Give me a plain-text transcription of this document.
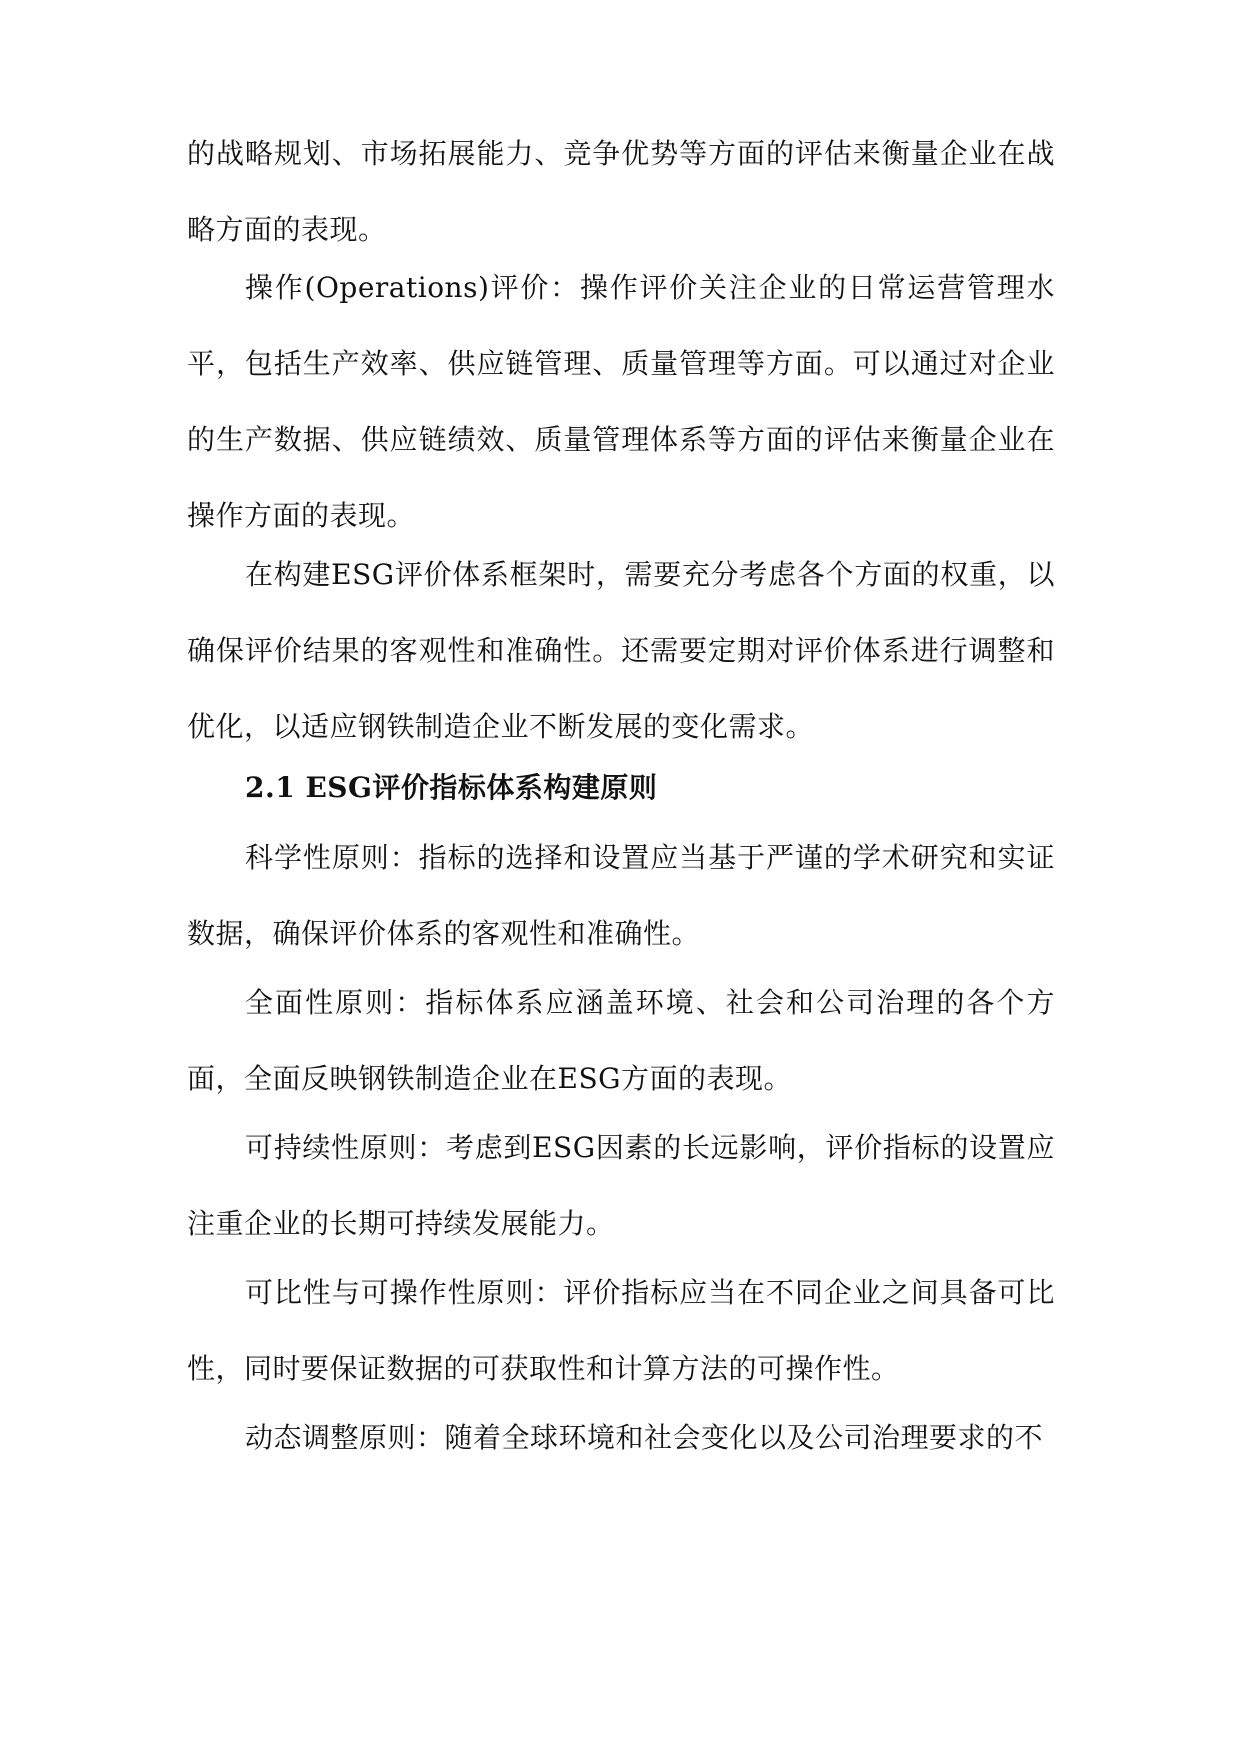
的战略规划、市场拓展能力、竞争优势等方面的评估来衡量企业在战略方面的表现。

操作(Operations)评价：操作评价关注企业的日常运营管理水平，包括生产效率、供应链管理、质量管理等方面。可以通过对企业的生产数据、供应链绩效、质量管理体系等方面的评估来衡量企业在操作方面的表现。

在构建ESG评价体系框架时，需要充分考虑各个方面的权重，以确保评价结果的客观性和准确性。还需要定期对评价体系进行调整和优化，以适应钢铁制造企业不断发展的变化需求。

2.1 ESG评价指标体系构建原则

科学性原则：指标的选择和设置应当基于严谨的学术研究和实证数据，确保评价体系的客观性和准确性。

全面性原则：指标体系应涵盖环境、社会和公司治理的各个方面，全面反映钢铁制造企业在ESG方面的表现。

可持续性原则：考虑到ESG因素的长远影响，评价指标的设置应注重企业的长期可持续发展能力。

可比性与可操作性原则：评价指标应当在不同企业之间具备可比性，同时要保证数据的可获取性和计算方法的可操作性。

动态调整原则：随着全球环境和社会变化以及公司治理要求的不
